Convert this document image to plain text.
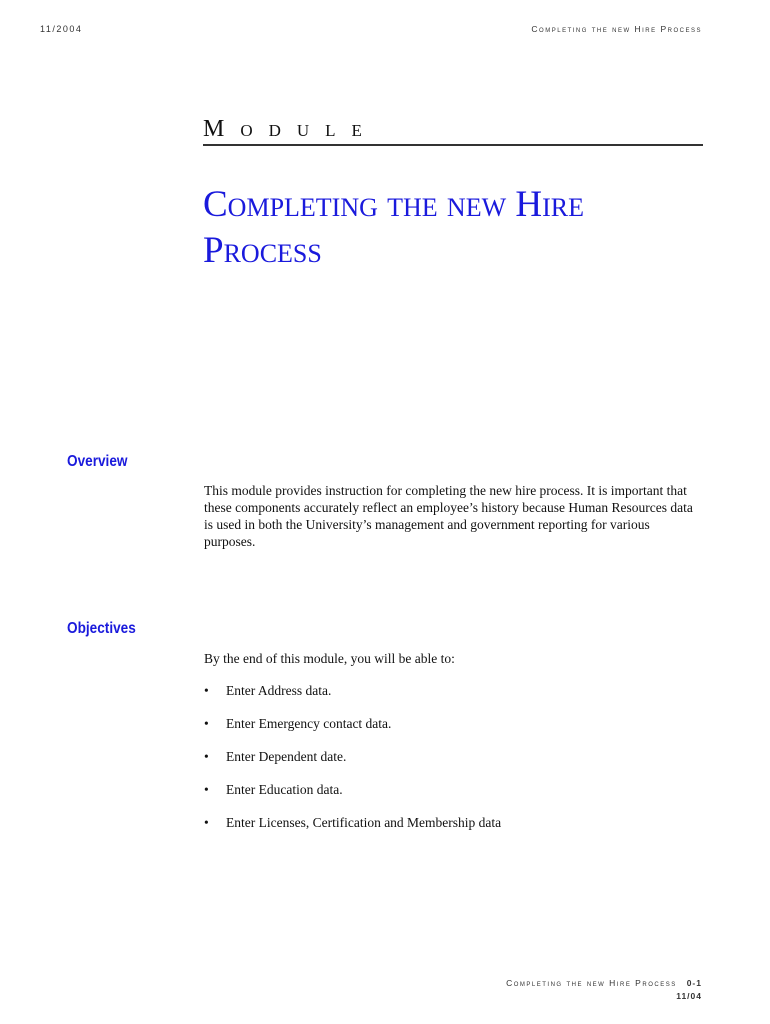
11/2004	Completing the new Hire Process
Module
Completing the new Hire
Process
Overview
This module provides instruction for completing the new hire process. It is important that these components accurately reflect an employee’s history because Human Resources data is used in both the University’s management and government reporting for various purposes.
Objectives
By the end of this module, you will be able to:
• Enter Address data.
• Enter Emergency contact data.
• Enter Dependent date.
• Enter Education data.
• Enter Licenses, Certification and Membership data
Completing the new Hire Process 0-1
11/04
